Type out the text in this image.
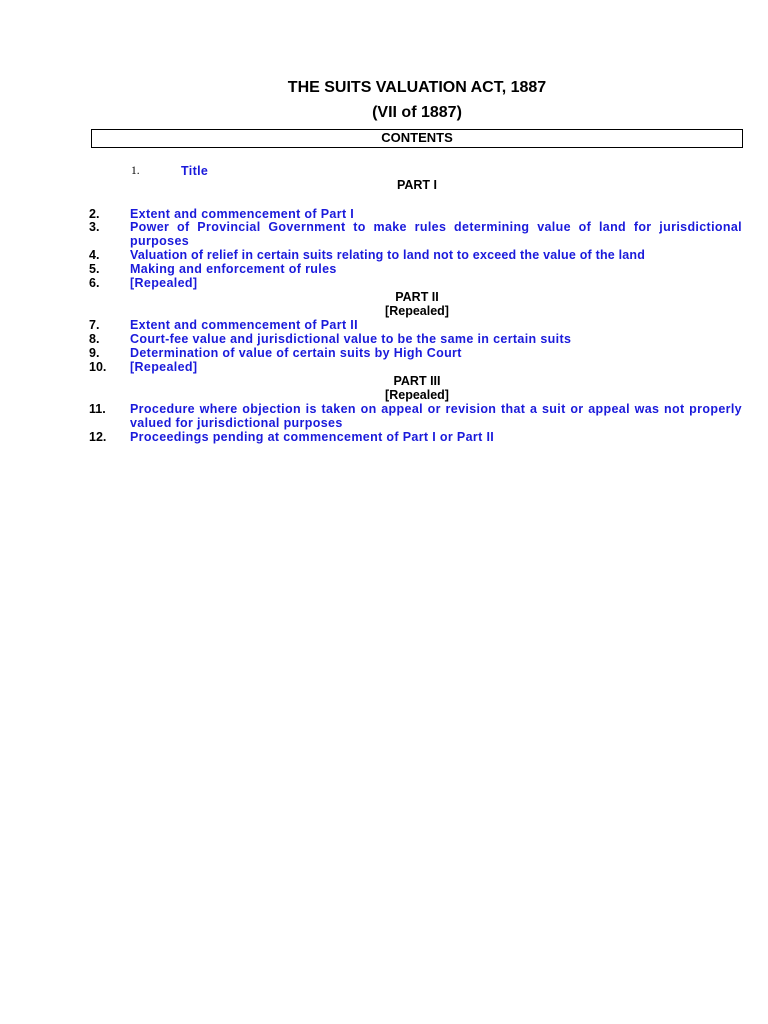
THE SUITS VALUATION ACT, 1887
(VII of 1887)
CONTENTS
1.	Title
PART I
2. Extent and commencement of Part I
3. Power of Provincial Government to make rules determining value of land for jurisdictional purposes
4. Valuation of relief in certain suits relating to land not to exceed the value of the land
5. Making and enforcement of rules
6. [Repealed]
PART II
[Repealed]
7. Extent and commencement of Part II
8. Court-fee value and jurisdictional value to be the same in certain suits
9. Determination of value of certain suits by High Court
10. [Repealed]
PART III
[Repealed]
11. Procedure where objection is taken on appeal or revision that a suit or appeal was not properly valued for jurisdictional purposes
12. Proceedings pending at commencement of Part I or Part II
